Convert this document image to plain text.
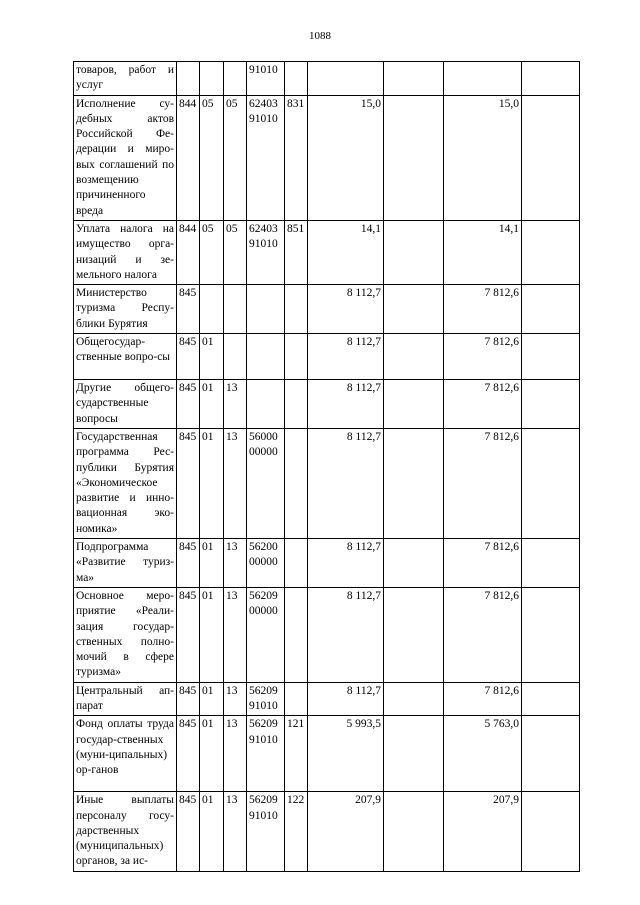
1088
товаров, работ и услуг				91010					
Исполнение су-дебных актов Российской Фе-дерации и миро-вых соглашений по возмещению причиненного вреда	844	05	05	62403 91010	831	15,0		15,0	
Уплата налога на имущество орга-низаций и зе-мельного налога	844	05	05	62403 91010	851	14,1		14,1	
Министерство туризма Респу-блики Бурятия	845					8 112,7		7 812,6	
Общегосудар-ственные вопро-сы	845	01				8 112,7		7 812,6	
Другие общего-сударственные вопросы	845	01	13			8 112,7		7 812,6	
Государственная программа Рес-публики Бурятия «Экономическое развитие и инно-вационная эко-номика»	845	01	13	56000 00000		8 112,7		7 812,6	
Подпрограмма «Развитие туриз-ма»	845	01	13	56200 00000		8 112,7		7 812,6	
Основное меро-приятие «Реали-зация государ-ственных полно-мочий в сфере туризма»	845	01	13	56209 00000		8 112,7		7 812,6	
Центральный ап-парат	845	01	13	56209 91010		8 112,7		7 812,6	
Фонд оплаты труда государ-ственных (муни-ципальных) ор-ганов	845	01	13	56209 91010	121	5 993,5		5 763,0	
Иные выплаты персоналу госу-дарственных (муниципальных) органов, за ис-	845	01	13	56209 91010	122	207,9		207,9	
